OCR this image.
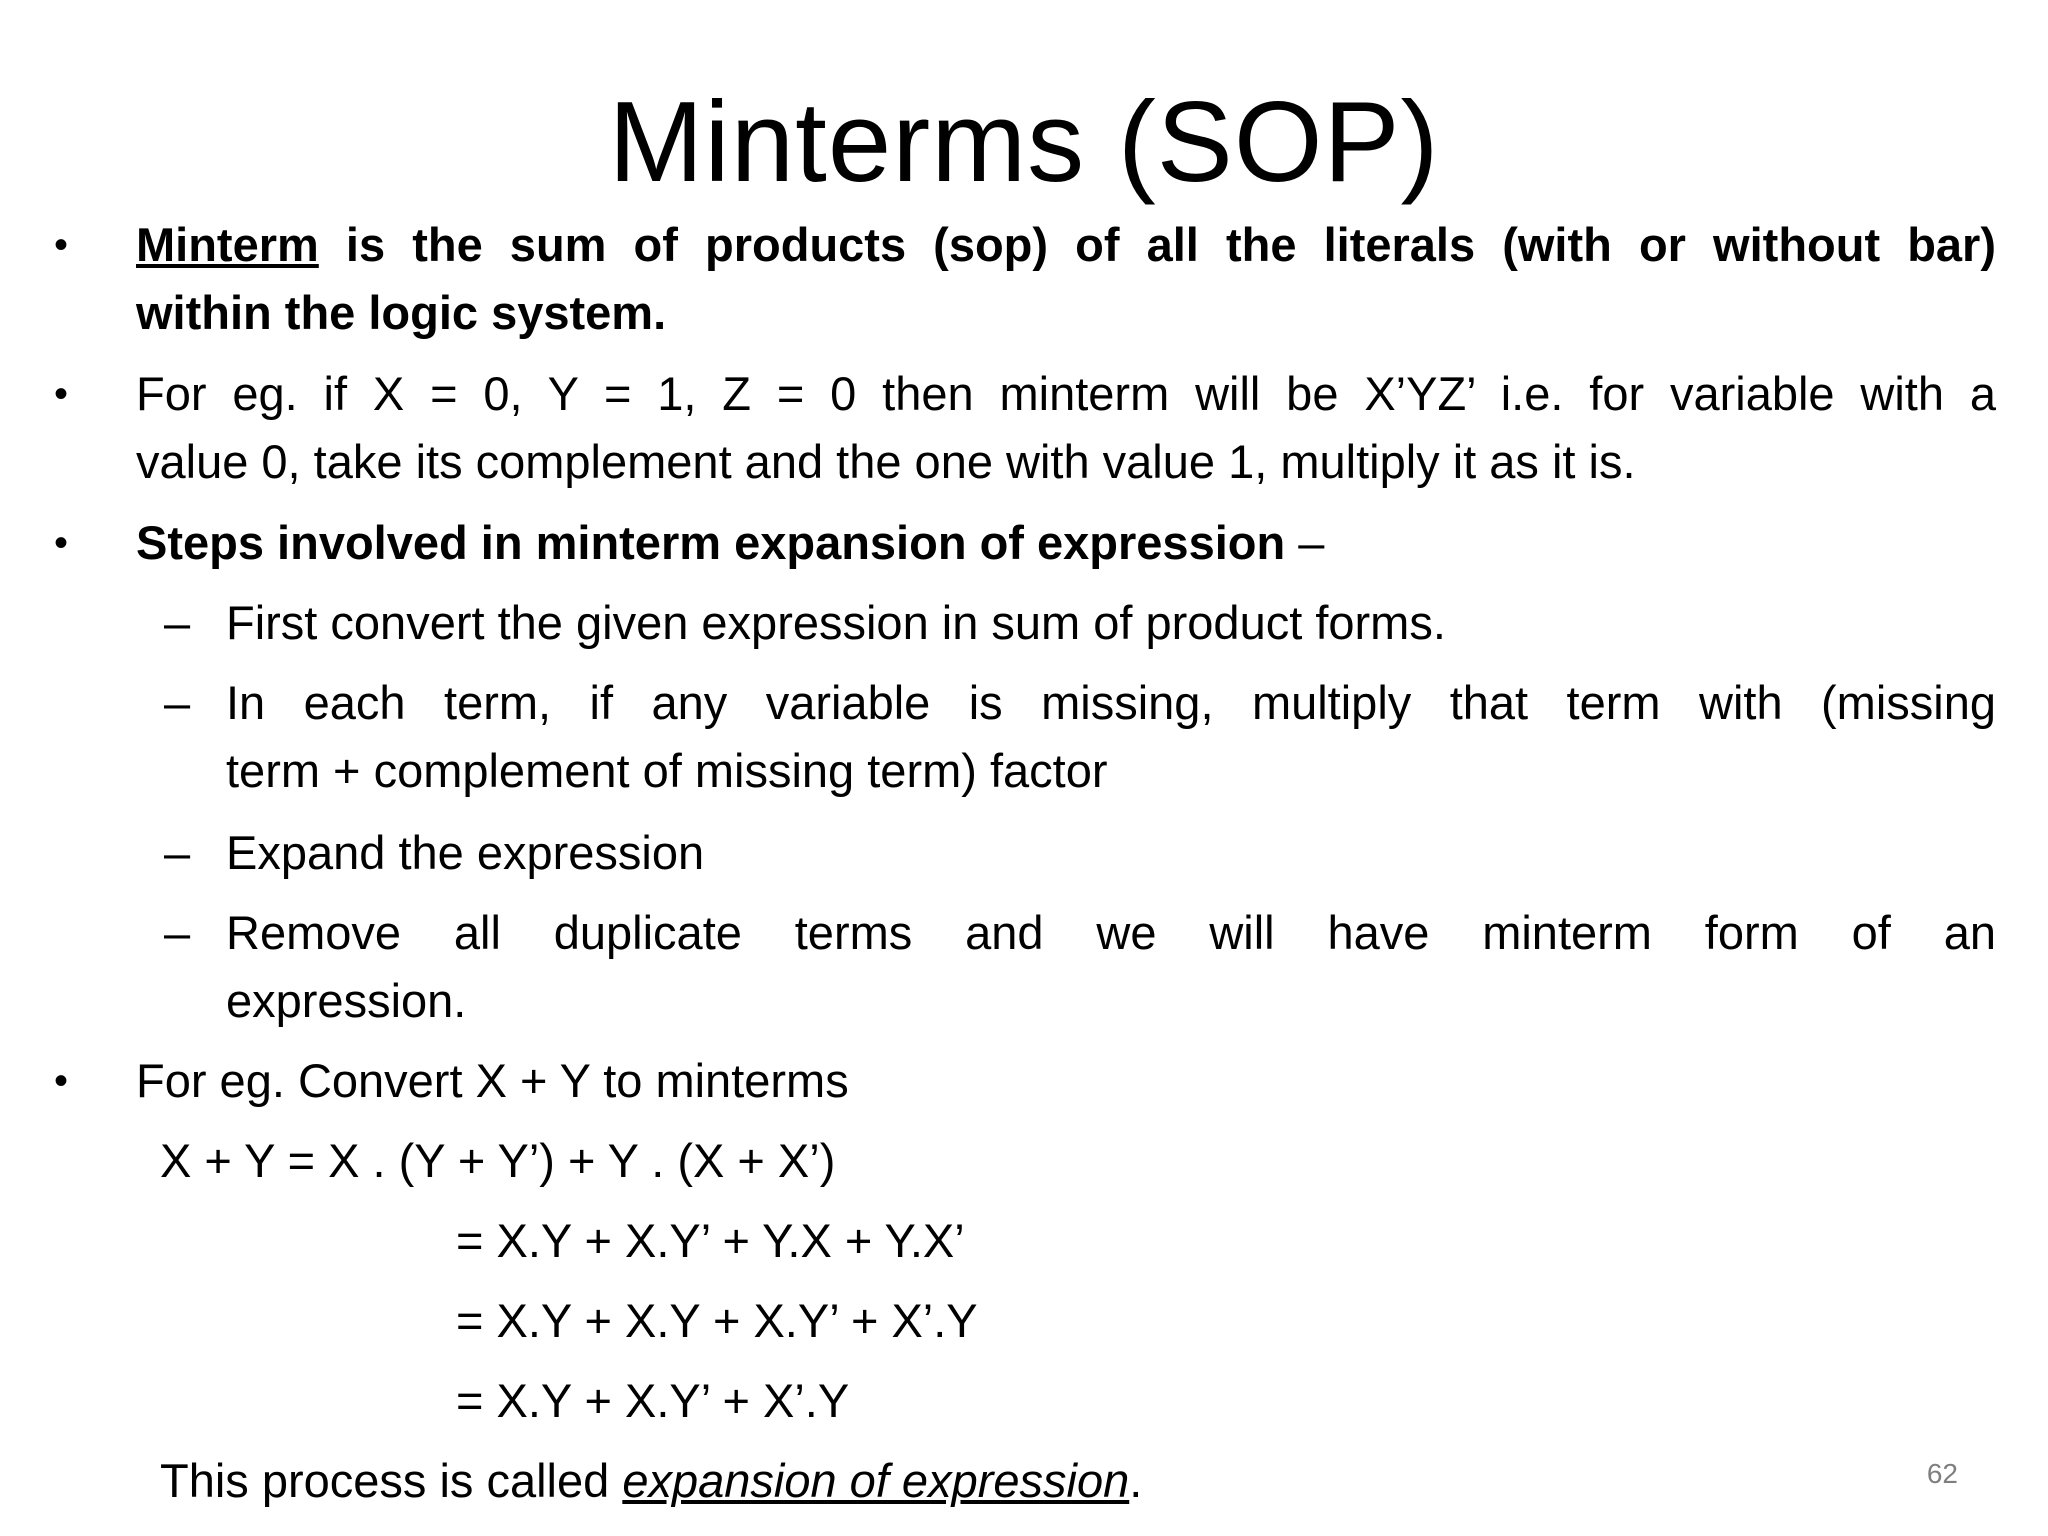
Minterms (SOP)
•	Minterm is the sum of products (sop) of all the literals (with or without bar)
within the logic system.
•	For eg. if X = 0, Y = 1, Z = 0 then minterm will be X’YZ’ i.e. for variable with a
value 0, take its complement and the one with value 1, multiply it as it is.
•	Steps involved in minterm expansion of expression –
– First convert the given expression in sum of product forms.
– In each term, if any variable is missing, multiply that term with (missing
term + complement of missing term) factor
– Expand the expression
– Remove all duplicate terms and we will have minterm form of an
expression.
•	For eg. Convert X + Y to minterms
X + Y = X . (Y + Y’) + Y . (X + X’)
= X.Y + X.Y’ + Y.X + Y.X’
= X.Y + X.Y + X.Y’ + X’.Y
= X.Y + X.Y’ + X’.Y
This process is called expansion of expression.	62
